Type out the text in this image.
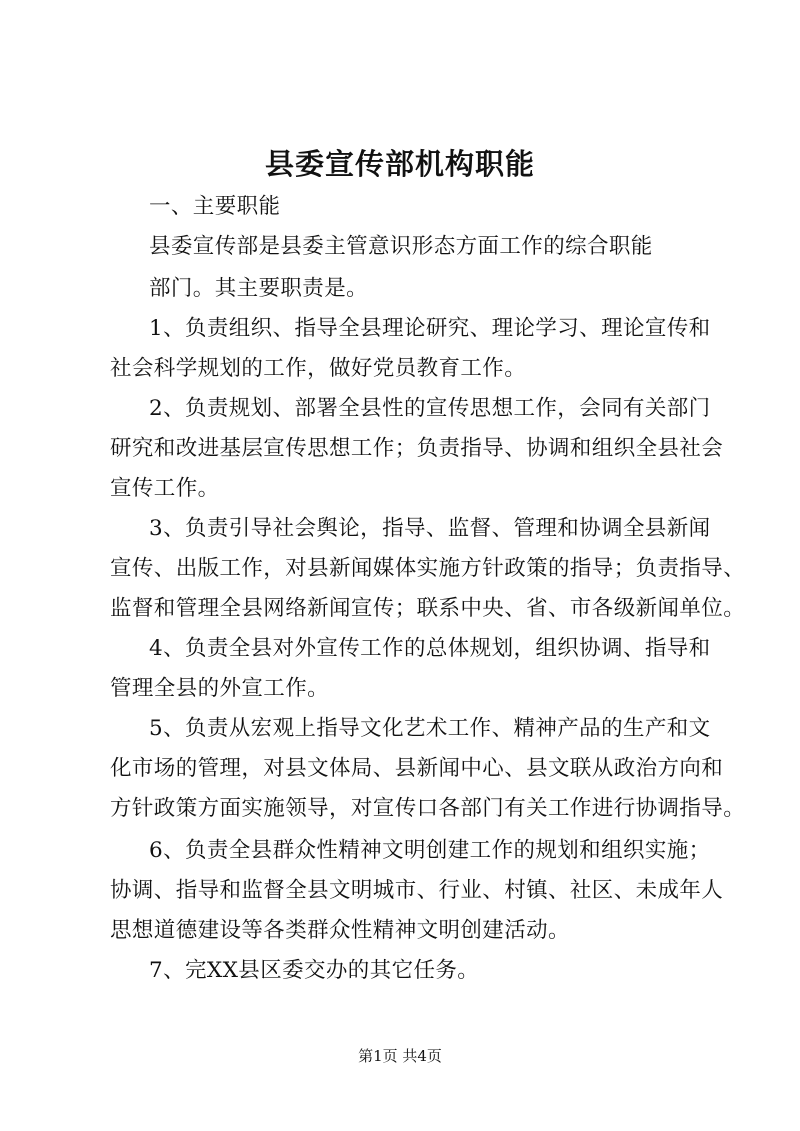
县委宣传部机构职能
一、主要职能
县委宣传部是县委主管意识形态方面工作的综合职能
部门。其主要职责是。
1、负责组织、指导全县理论研究、理论学习、理论宣传和
社会科学规划的工作，做好党员教育工作。
2、负责规划、部署全县性的宣传思想工作，会同有关部门
研究和改进基层宣传思想工作；负责指导、协调和组织全县社会
宣传工作。
3、负责引导社会舆论，指导、监督、管理和协调全县新闻
宣传、出版工作，对县新闻媒体实施方针政策的指导；负责指导、
监督和管理全县网络新闻宣传；联系中央、省、市各级新闻单位。
4、负责全县对外宣传工作的总体规划，组织协调、指导和
管理全县的外宣工作。
5、负责从宏观上指导文化艺术工作、精神产品的生产和文
化市场的管理，对县文体局、县新闻中心、县文联从政治方向和
方针政策方面实施领导，对宣传口各部门有关工作进行协调指导。
6、负责全县群众性精神文明创建工作的规划和组织实施；
协调、指导和监督全县文明城市、行业、村镇、社区、未成年人
思想道德建设等各类群众性精神文明创建活动。
7、完XX县区委交办的其它任务。
第1页 共4页
